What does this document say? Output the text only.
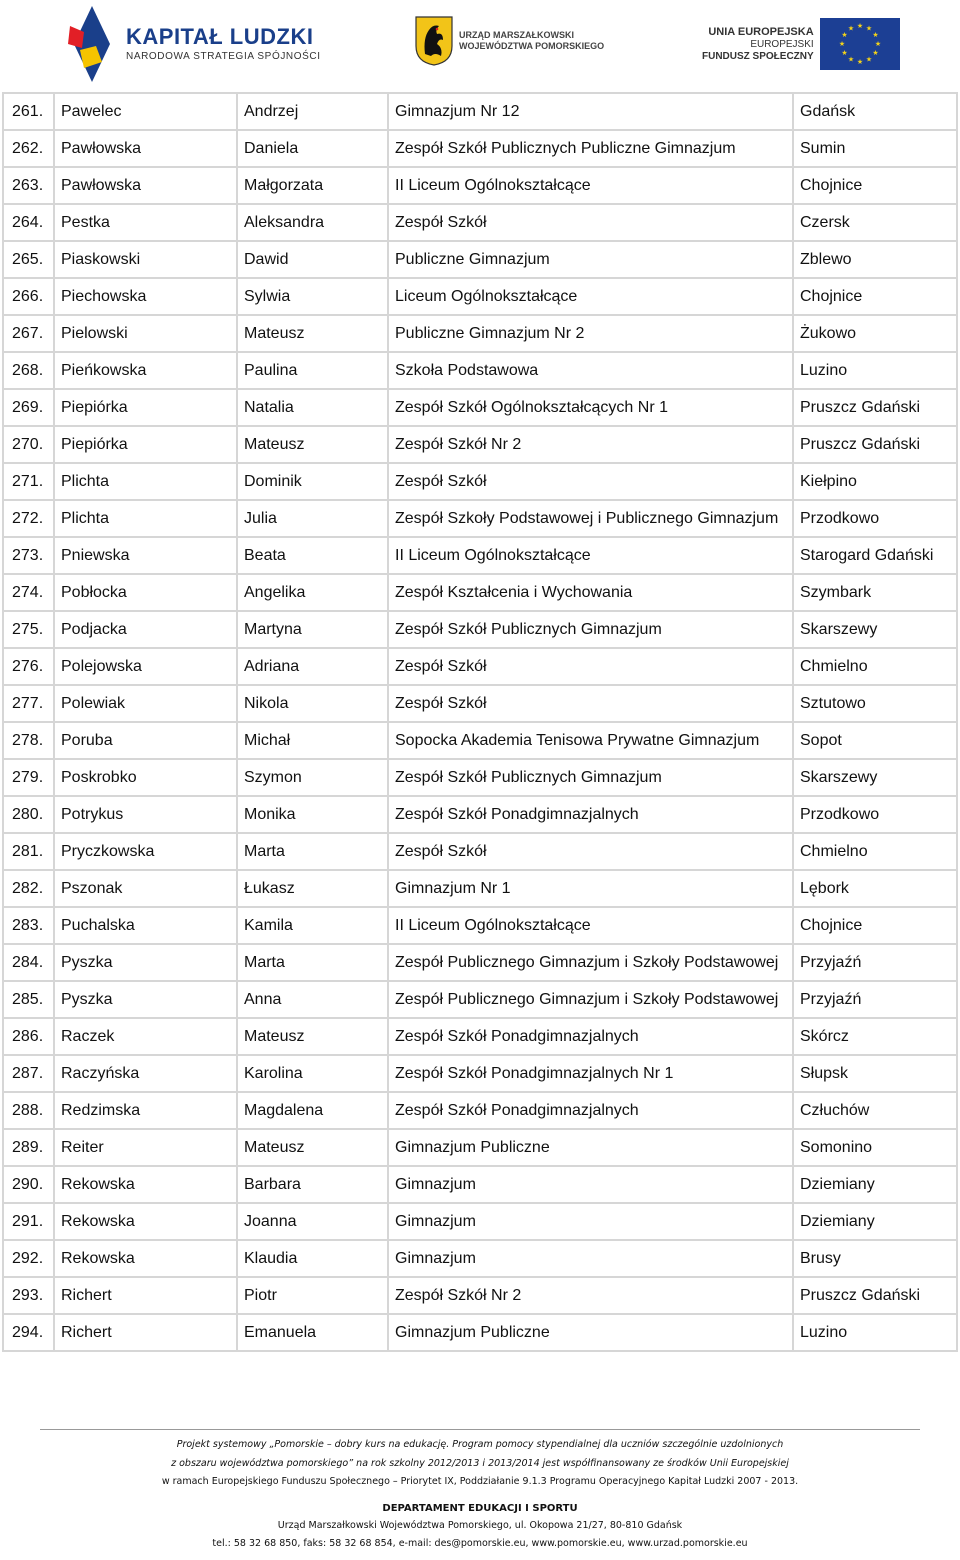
KAPITAŁ LUDZKI
NARODOWA STRATEGIA SPÓJNOŚCI
URZĄD MARSZAŁKOWSKI
WOJEWÓDZTWA POMORSKIEGO
UNIA EUROPEJSKA
EUROPEJSKI
FUNDUSZ SPOŁECZNY
★ ★
★
★
★
★
★
★
★
★
★
★
261.	Pawelec	Andrzej	Gimnazjum Nr 12	Gdańsk
262.	Pawłowska	Daniela	Zespół Szkół Publicznych Publiczne Gimnazjum	Sumin
263.	Pawłowska	Małgorzata	II Liceum Ogólnokształcące	Chojnice
264.	Pestka	Aleksandra	Zespół Szkół	Czersk
265.	Piaskowski	Dawid	Publiczne Gimnazjum	Zblewo
266.	Piechowska	Sylwia	Liceum Ogólnokształcące	Chojnice
267.	Pielowski	Mateusz	Publiczne Gimnazjum Nr 2	Żukowo
268.	Pieńkowska	Paulina	Szkoła Podstawowa	Luzino
269.	Piepiórka	Natalia	Zespół Szkół Ogólnokształcących Nr 1	Pruszcz Gdański
270.	Piepiórka	Mateusz	Zespół Szkół Nr 2	Pruszcz Gdański
271.	Plichta	Dominik	Zespół Szkół	Kiełpino
272.	Plichta	Julia	Zespół Szkoły Podstawowej i Publicznego Gimnazjum	Przodkowo
273.	Pniewska	Beata	II Liceum Ogólnokształcące	Starogard Gdański
274.	Pobłocka	Angelika	Zespół Kształcenia i Wychowania	Szymbark
275.	Podjacka	Martyna	Zespół Szkół Publicznych Gimnazjum	Skarszewy
276.	Polejowska	Adriana	Zespół Szkół	Chmielno
277.	Polewiak	Nikola	Zespół Szkół	Sztutowo
278.	Poruba	Michał	Sopocka Akademia Tenisowa Prywatne Gimnazjum	Sopot
279.	Poskrobko	Szymon	Zespół Szkół Publicznych Gimnazjum	Skarszewy
280.	Potrykus	Monika	Zespół Szkół Ponadgimnazjalnych	Przodkowo
281.	Pryczkowska	Marta	Zespół Szkół	Chmielno
282.	Pszonak	Łukasz	Gimnazjum Nr 1	Lębork
283.	Puchalska	Kamila	II Liceum Ogólnokształcące	Chojnice
284.	Pyszka	Marta	Zespół Publicznego Gimnazjum i Szkoły Podstawowej	Przyjaźń
285.	Pyszka	Anna	Zespół Publicznego Gimnazjum i Szkoły Podstawowej	Przyjaźń
286.	Raczek	Mateusz	Zespół Szkół Ponadgimnazjalnych	Skórcz
287.	Raczyńska	Karolina	Zespół Szkół Ponadgimnazjalnych Nr 1	Słupsk
288.	Redzimska	Magdalena	Zespół Szkół Ponadgimnazjalnych	Człuchów
289.	Reiter	Mateusz	Gimnazjum Publiczne	Somonino
290.	Rekowska	Barbara	Gimnazjum	Dziemiany
291.	Rekowska	Joanna	Gimnazjum	Dziemiany
292.	Rekowska	Klaudia	Gimnazjum	Brusy
293.	Richert	Piotr	Zespół Szkół Nr 2	Pruszcz Gdański
294.	Richert	Emanuela	Gimnazjum Publiczne	Luzino
Projekt systemowy „Pomorskie – dobry kurs na edukację. Program pomocy stypendialnej dla uczniów szczególnie uzdolnionych
z obszaru województwa pomorskiego” na rok szkolny 2012/2013 i 2013/2014 jest współfinansowany ze środków Unii Europejskiej
w ramach Europejskiego Funduszu Społecznego – Priorytet IX, Poddziałanie 9.1.3 Programu Operacyjnego Kapitał Ludzki 2007 - 2013.
DEPARTAMENT EDUKACJI I SPORTU
Urząd Marszałkowski Województwa Pomorskiego, ul. Okopowa 21/27, 80-810 Gdańsk
tel.: 58 32 68 850, faks: 58 32 68 854, e-mail: des@pomorskie.eu, www.pomorskie.eu, www.urzad.pomorskie.eu
